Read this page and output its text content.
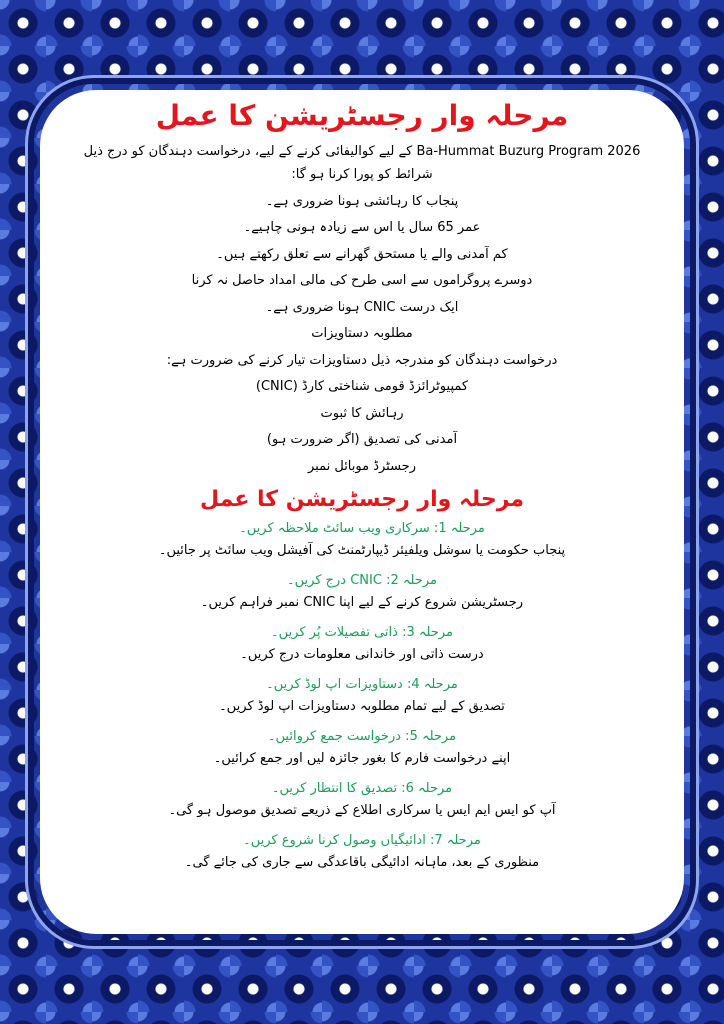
مرحلہ وار رجسٹریشن کا عمل
Ba-Hummat Buzurg Program 2026 کے لیے کوالیفائی کرنے کے لیے، درخواست دہندگان کو درج ذیل
شرائط کو پورا کرنا ہو گا:
پنجاب کا رہائشی ہونا ضروری ہے۔
عمر 65 سال یا اس سے زیادہ ہونی چاہیے۔
کم آمدنی والے یا مستحق گھرانے سے تعلق رکھتے ہیں۔
دوسرے پروگراموں سے اسی طرح کی مالی امداد حاصل نہ کرنا
ایک درست CNIC ہونا ضروری ہے۔
مطلوبہ دستاویزات
درخواست دہندگان کو مندرجہ ذیل دستاویزات تیار کرنے کی ضرورت ہے:
کمپیوٹرائزڈ قومی شناختی کارڈ (CNIC)
رہائش کا ثبوت
آمدنی کی تصدیق (اگر ضرورت ہو)
رجسٹرڈ موبائل نمبر
مرحلہ وار رجسٹریشن کا عمل
مرحلہ 1: سرکاری ویب سائٹ ملاحظہ کریں۔
پنجاب حکومت یا سوشل ویلفیئر ڈیپارٹمنٹ کی آفیشل ویب سائٹ پر جائیں۔
مرحلہ 2: CNIC درج کریں۔
رجسٹریشن شروع کرنے کے لیے اپنا CNIC نمبر فراہم کریں۔
مرحلہ 3: ذاتی تفصیلات پُر کریں۔
درست ذاتی اور خاندانی معلومات درج کریں۔
مرحلہ 4: دستاویزات اپ لوڈ کریں۔
تصدیق کے لیے تمام مطلوبہ دستاویزات اپ لوڈ کریں۔
مرحلہ 5: درخواست جمع کروائیں۔
اپنے درخواست فارم کا بغور جائزہ لیں اور جمع کرائیں۔
مرحلہ 6: تصدیق کا انتظار کریں۔
آپ کو ایس ایم ایس یا سرکاری اطلاع کے ذریعے تصدیق موصول ہو گی۔
مرحلہ 7: ادائیگیاں وصول کرنا شروع کریں۔
منظوری کے بعد، ماہانہ ادائیگی باقاعدگی سے جاری کی جائے گی۔
